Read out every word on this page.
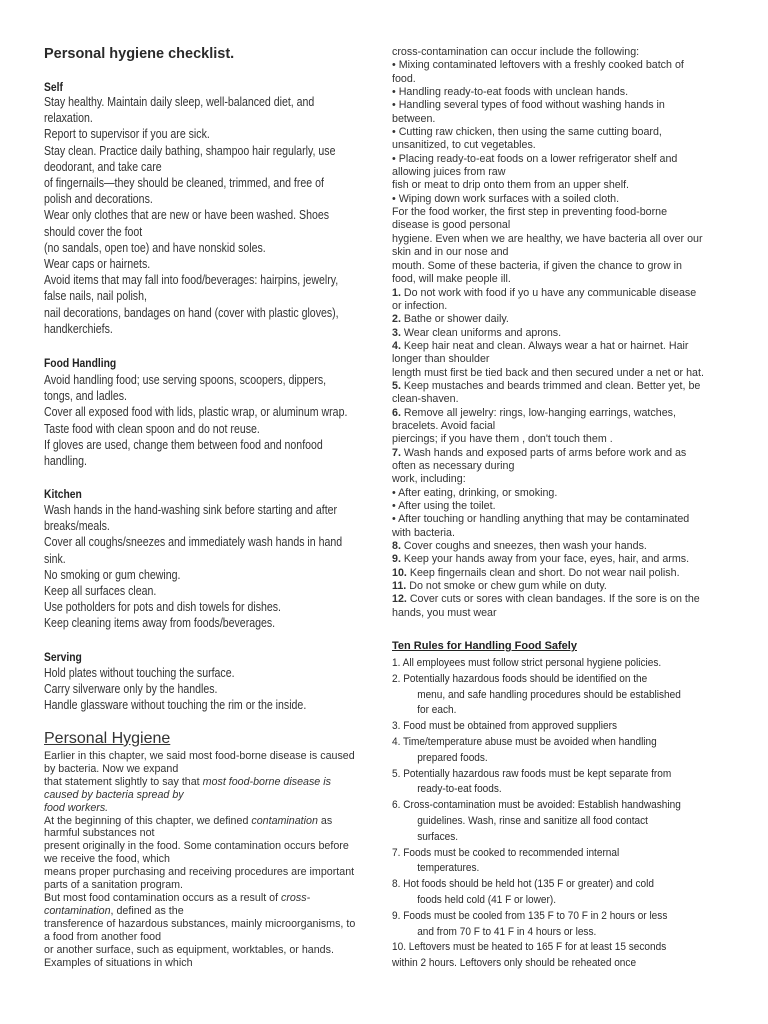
Personal hygiene checklist.
Self
Stay healthy. Maintain daily sleep, well-balanced diet, and
relaxation.
Report to supervisor if you are sick.
Stay clean. Practice daily bathing, shampoo hair regularly, use
deodorant, and take care
of fingernails—they should be cleaned, trimmed, and free of
polish and decorations.
Wear only clothes that are new or have been washed. Shoes
should cover the foot
(no sandals, open toe) and have nonskid soles.
Wear caps or hairnets.
Avoid items that may fall into food/beverages: hairpins, jewelry,
false nails, nail polish,
nail decorations, bandages on hand (cover with plastic gloves),
handkerchiefs.
Food Handling
Avoid handling food; use serving spoons, scoopers, dippers,
tongs, and ladles.
Cover all exposed food with lids, plastic wrap, or aluminum wrap.
Taste food with clean spoon and do not reuse.
If gloves are used, change them between food and nonfood
handling.
Kitchen
Wash hands in the hand-washing sink before starting and after
breaks/meals.
Cover all coughs/sneezes and immediately wash hands in hand
sink.
No smoking or gum chewing.
Keep all surfaces clean.
Use potholders for pots and dish towels for dishes.
Keep cleaning items away from foods/beverages.
Serving
Hold plates without touching the surface.
Carry silverware only by the handles.
Handle glassware without touching the rim or the inside.
Personal Hygiene
Earlier in this chapter, we said most food-borne disease is caused
by bacteria. Now we expand
that statement slightly to say that most food-borne disease is
caused by bacteria spread by
food workers.
At the beginning of this chapter, we defined contamination as
harmful substances not
present originally in the food. Some contamination occurs before
we receive the food, which
means proper purchasing and receiving procedures are important
parts of a sanitation program.
But most food contamination occurs as a result of cross-
contamination, defined as the
transference of hazardous substances, mainly microorganisms, to
a food from another food
or another surface, such as equipment, worktables, or hands.
Examples of situations in which
cross-contamination can occur include the following:
• Mixing contaminated leftovers with a freshly cooked batch of
food.
• Handling ready-to-eat foods with unclean hands.
• Handling several types of food without washing hands in
between.
• Cutting raw chicken, then using the same cutting board,
unsanitized, to cut vegetables.
• Placing ready-to-eat foods on a lower refrigerator shelf and
allowing juices from raw
fish or meat to drip onto them from an upper shelf.
• Wiping down work surfaces with a soiled cloth.
For the food worker, the first step in preventing food-borne
disease is good personal
hygiene. Even when we are healthy, we have bacteria all over our
skin and in our nose and
mouth. Some of these bacteria, if given the chance to grow in
food, will make people ill.
1. Do not work with food if yo u have any communicable disease
or infection.
2. Bathe or shower daily.
3. Wear clean uniforms and aprons.
4. Keep hair neat and clean. Always wear a hat or hairnet. Hair
longer than shoulder
length must first be tied back and then secured under a net or hat.
5. Keep mustaches and beards trimmed and clean. Better yet, be
clean-shaven.
6. Remove all jewelry: rings, low-hanging earrings, watches,
bracelets. Avoid facial
piercings; if you have them , don't touch them .
7. Wash hands and exposed parts of arms before work and as
often as necessary during
work, including:
• After eating, drinking, or smoking.
• After using the toilet.
• After touching or handling anything that may be contaminated
with bacteria.
8. Cover coughs and sneezes, then wash your hands.
9. Keep your hands away from your face, eyes, hair, and arms.
10. Keep fingernails clean and short. Do not wear nail polish.
11. Do not smoke or chew gum while on duty.
12. Cover cuts or sores with clean bandages. If the sore is on the
hands, you must wear
Ten Rules for Handling Food Safely
1. All employees must follow strict personal hygiene policies.
2. Potentially hazardous foods should be identified on the
menu, and safe handling procedures should be established
for each.
3. Food must be obtained from approved suppliers
4. Time/temperature abuse must be avoided when handling
prepared foods.
5. Potentially hazardous raw foods must be kept separate from
ready-to-eat foods.
6. Cross-contamination must be avoided: Establish handwashing
guidelines. Wash, rinse and sanitize all food contact
surfaces.
7. Foods must be cooked to recommended internal
temperatures.
8. Hot foods should be held hot (135 F or greater) and cold
foods held cold (41 F or lower).
9. Foods must be cooled from 135 F to 70 F in 2 hours or less
and from 70 F to 41 F in 4 hours or less.
10. Leftovers must be heated to 165 F for at least 15 seconds
within 2 hours. Leftovers only should be reheated once
